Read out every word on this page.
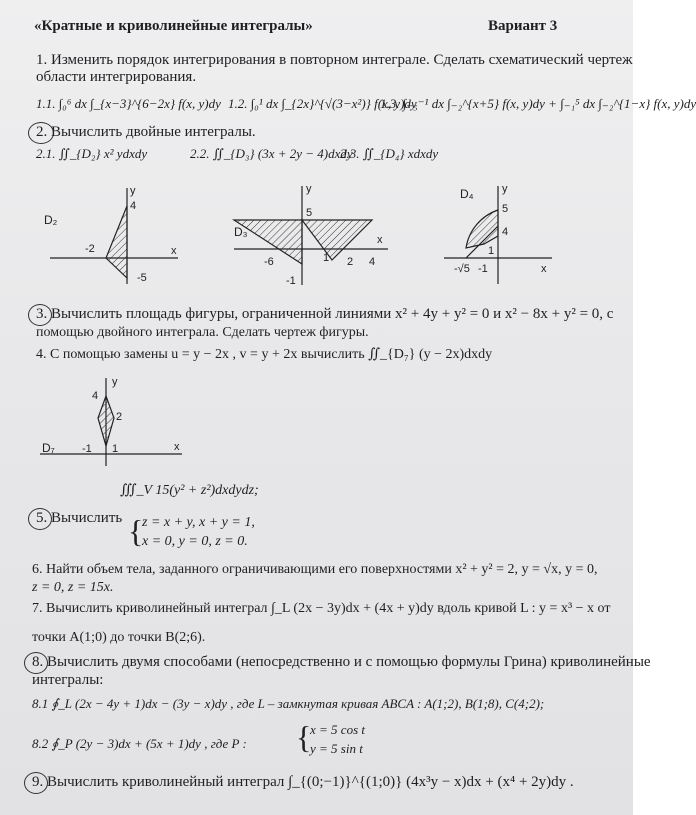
«Кратные и криволинейные интегралы»	Вариант 3
1. Изменить порядок интегрирования в повторном интеграле. Сделать схематический чертеж
области интегрирования.
1.1. ∫₀⁶ dx ∫_{x−3}^{6−2x} f(x, y)dy 1.2. ∫₀¹ dx ∫_{2x}^{√(3−x²)} f(x, y)dy
1.3. ∫₋₅⁻¹ dx ∫₋₂^{x+5} f(x, y)dy + ∫₋₁⁵ dx ∫₋₂^{1−x} f(x, y)dy
2. Вычислить двойные интегралы.
2.1. ∬_{D₂} x² ydxdy	2.2. ∬_{D₃} (3x + 2y − 4)dxdy
2.3. ∬_{D₄} xdxdy
D₂
y
x
4
-2
-5
D₃
y
x
5
-6	1 2 4
-1
D₄	y
x
5
4
-√5 -1
1
3. Вычислить площадь фигуры, ограниченной линиями x² + 4y + y² = 0 и x² − 8x + y² = 0, с
помощью двойного интеграла. Сделать чертеж фигуры.
4. С помощью замены u = y − 2x , v = y + 2x вычислить ∬_{D₇} (y − 2x)dxdy
D₇
y
x
4
2
-1 1
∭_V 15(y² + z²)dxdydz;
5. Вычислить {
z = x + y, x + y = 1,
x = 0, y = 0, z = 0.
6. Найти объем тела, заданного ограничивающими его поверхностями x² + y² = 2, y = √x, y = 0,
z = 0, z = 15x.
7. Вычислить криволинейный интеграл ∫_L (2x − 3y)dx + (4x + y)dy вдоль кривой L : y = x³ − x от
точки A(1;0) до точки B(2;6).
8. Вычислить двумя способами (непосредственно и с помощью формулы Грина) криволинейные
интегралы:
8.1 ∮_L (2x − 4y + 1)dx − (3y − x)dy , где L – замкнутая кривая ABCA : A(1;2), B(1;8), C(4;2);
8.2 ∮_P (2y − 3)dx + (5x + 1)dy , где P : {
x = 5 cos t
y = 5 sin t
9. Вычислить криволинейный интеграл ∫_{(0;−1)}^{(1;0)} (4x³y − x)dx + (x⁴ + 2y)dy .
